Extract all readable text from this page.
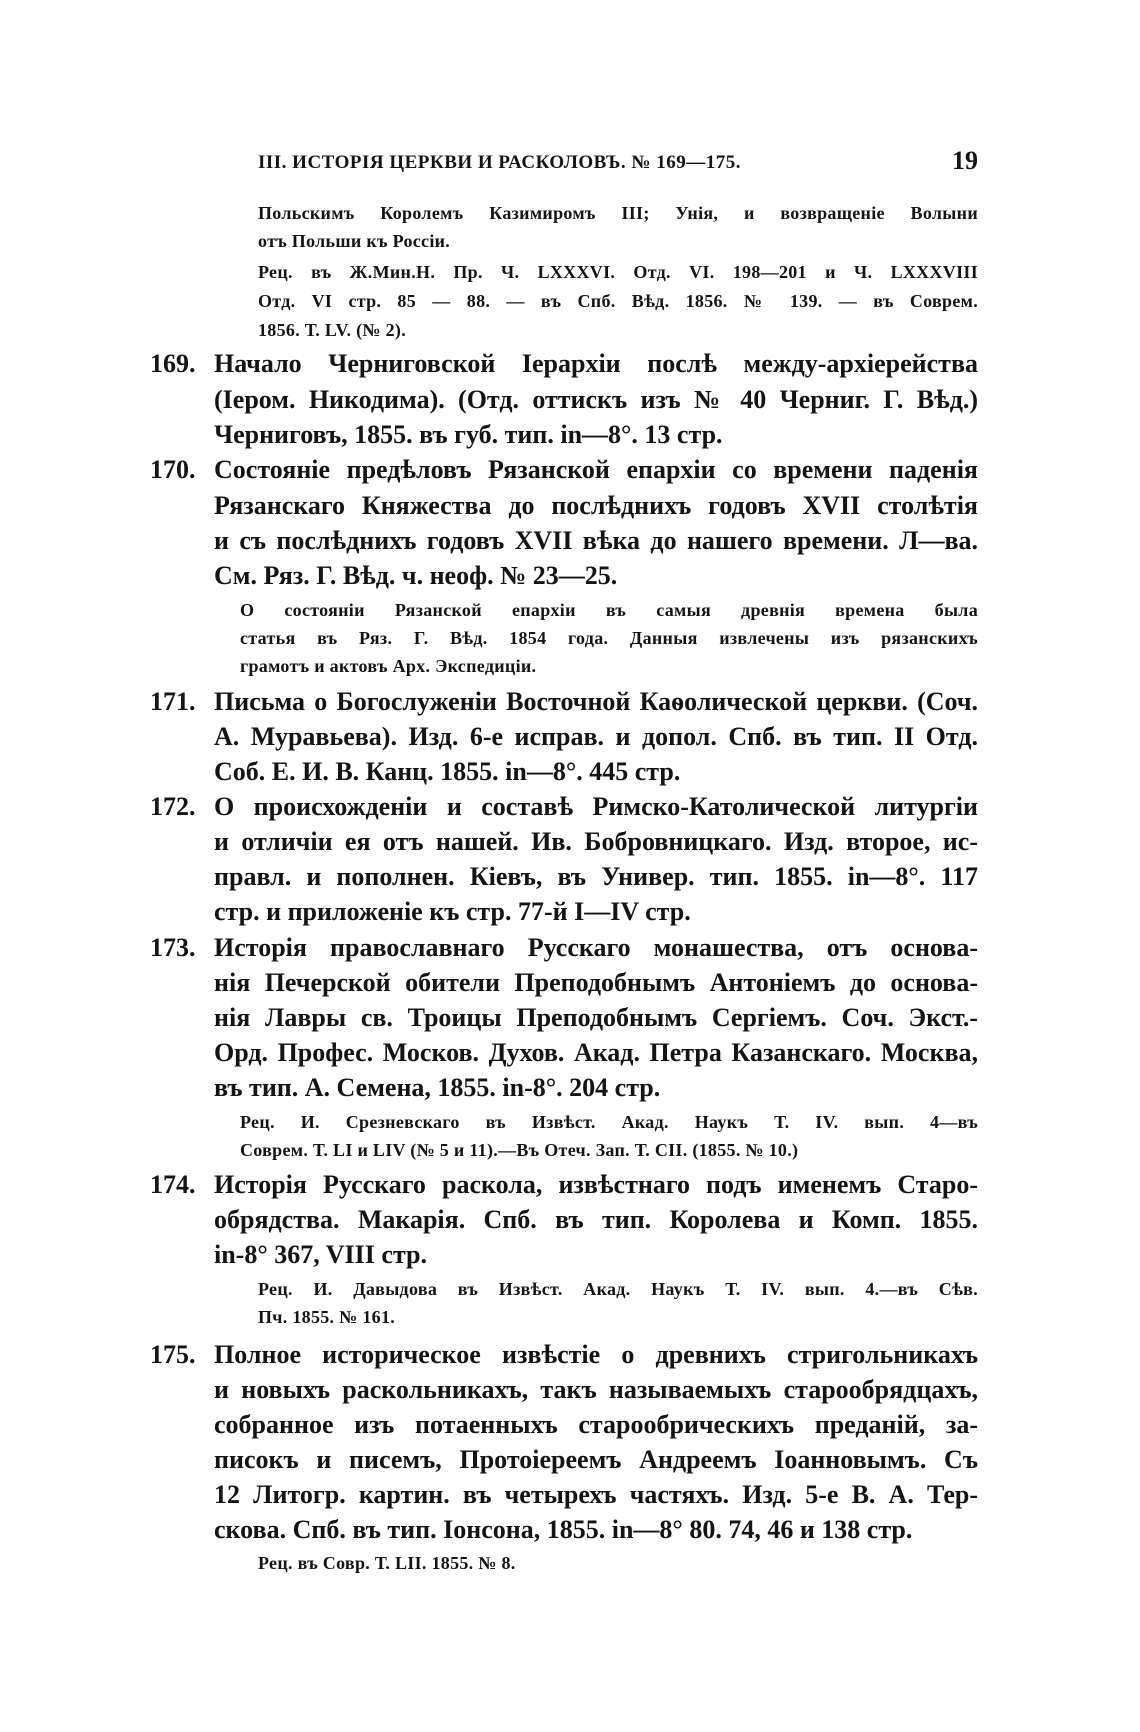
III. ИСТОРІЯ ЦЕРКВИ И РАСКОЛОВЪ. № 169—175.	19
Польскимъ Королемъ Казимиромъ III; Унія, и возвращеніе Волыни
отъ Польши къ Россіи.
Рец. въ Ж.Мин.Н. Пр. Ч. LXXXVI. Отд. VI. 198—201 и Ч. LXXXVIII
Отд. VI стр. 85 — 88. — въ Спб. Вѣд. 1856. № 139. — въ Соврем.
1856. Т. LV. (№ 2).
169. Начало Черниговской Іерархіи послѣ между-архіерейства
(Іером. Никодима). (Отд. оттискъ изъ № 40 Черниг. Г. Вѣд.)
Черниговъ, 1855. въ губ. тип. in—8°. 13 стр.
170. Состояніе предѣловъ Рязанской епархіи со времени паденія
Рязанскаго Княжества до послѣднихъ годовъ XVII столѣтія
и съ послѣднихъ годовъ XVII вѣка до нашего времени. Л—ва.
См. Ряз. Г. Вѣд. ч. неоф. № 23—25.
О состояніи Рязанской епархіи въ самыя древнія времена была
статья въ Ряз. Г. Вѣд. 1854 года. Данныя извлечены изъ рязанскихъ
грамотъ и актовъ Арх. Экспедиціи.
171. Письма о Богослуженіи Восточной Каѳолической церкви. (Соч.
А. Муравьева). Изд. 6-е исправ. и допол. Спб. въ тип. II Отд.
Соб. Е. И. В. Канц. 1855. in—8°. 445 стр.
172. О происхожденіи и составѣ Римско-Католической литургіи
и отличіи ея отъ нашей. Ив. Бобровницкаго. Изд. второе, ис-
правл. и пополнен. Кіевъ, въ Универ. тип. 1855. in—8°. 117
стр. и приложеніе къ стр. 77-й I—IV стр.
173. Исторія православнаго Русскаго монашества, отъ основа-
нія Печерской обители Преподобнымъ Антоніемъ до основа-
нія Лавры св. Троицы Преподобнымъ Сергіемъ. Соч. Экст.-
Орд. Профес. Москов. Духов. Акад. Петра Казанскаго. Москва,
въ тип. А. Семена, 1855. in-8°. 204 стр.
Рец. И. Срезневскаго въ Извѣст. Акад. Наукъ Т. IV. вып. 4—въ
Соврем. Т. LI и LIV (№ 5 и 11).—Въ Отеч. Зап. Т. CII. (1855. № 10.)
174. Исторія Русскаго раскола, извѣстнаго подъ именемъ Старо-
обрядства. Макарія. Спб. въ тип. Королева и Комп. 1855.
in-8° 367, VIII стр.
Рец. И. Давыдова въ Извѣст. Акад. Наукъ Т. IV. вып. 4.—въ Сѣв.
Пч. 1855. № 161.
175. Полное историческое извѣстіе о древнихъ стригольникахъ
и новыхъ раскольникахъ, такъ называемыхъ старообрядцахъ,
собранное изъ потаенныхъ старообрическихъ преданій, за-
писокъ и писемъ, Протоіереемъ Андреемъ Іоанновымъ. Съ
12 Литогр. картин. въ четырехъ частяхъ. Изд. 5-е В. А. Тер-
скова. Спб. въ тип. Іонсона, 1855. in—8° 80. 74, 46 и 138 стр.
Рец. въ Совр. Т. LII. 1855. № 8.
